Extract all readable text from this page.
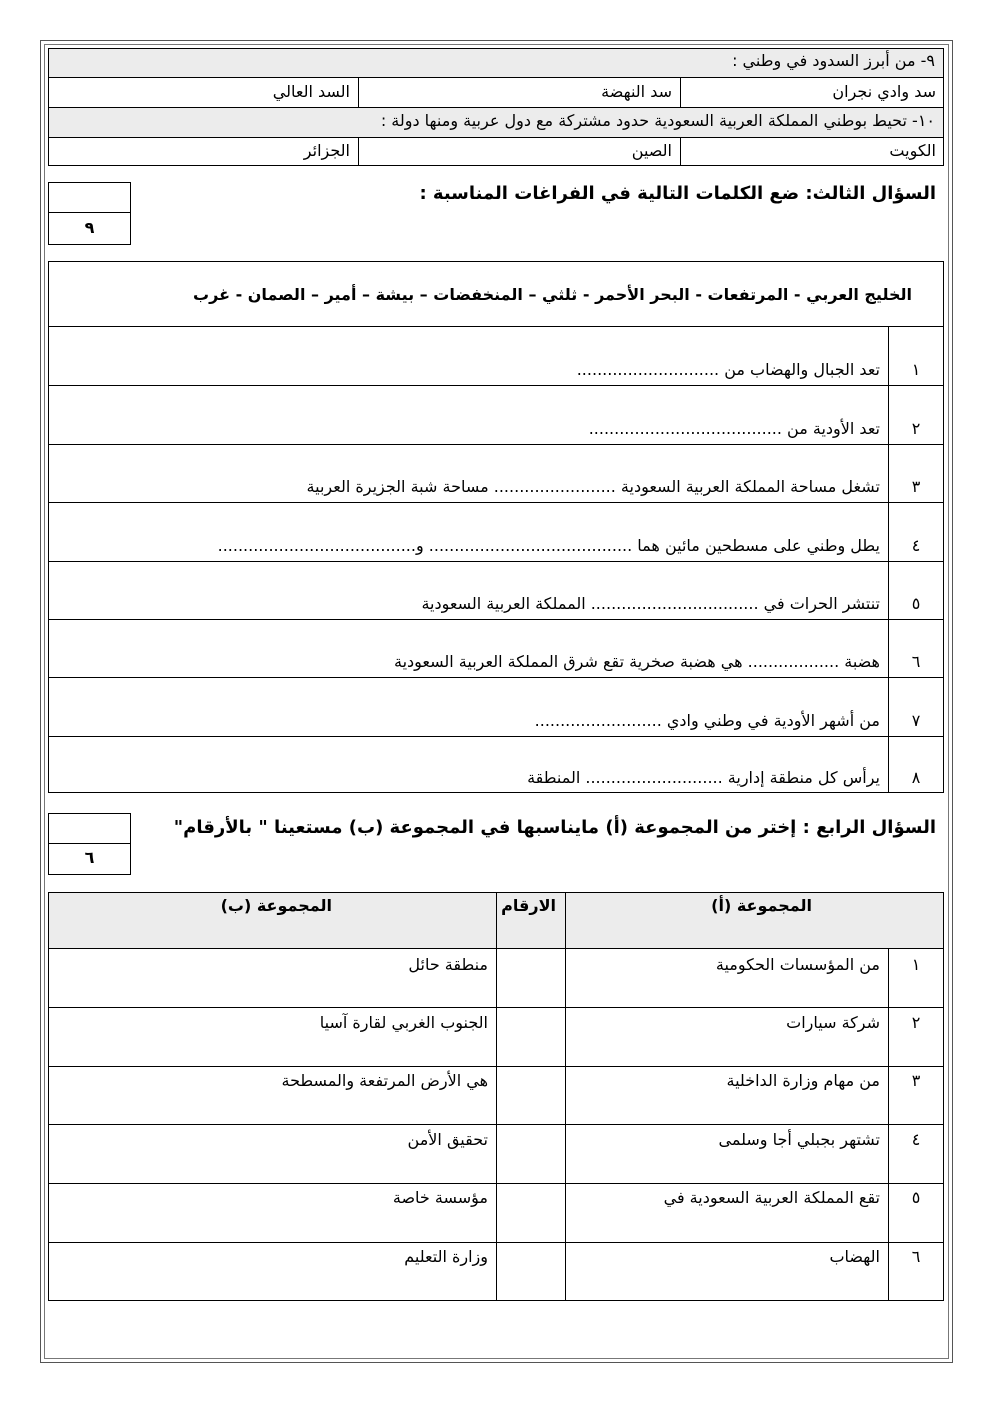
٩- من أبرز السدود في وطني :
سد وادي نجران
سد النهضة
السد العالي
١٠- تحيط بوطني المملكة العربية السعودية حدود مشتركة مع دول عربية ومنها دولة :
الكويت
الصين
الجزائر
السؤال الثالث: ضع الكلمات التالية في الفراغات المناسبة :
٩
الخليج العربي - المرتفعات - البحر الأحمر - ثلثي – المنخفضات – بيشة – أمير – الصمان - غرب
١
تعد الجبال والهضاب من ............................
٢
تعد الأودية من ......................................
٣
تشغل مساحة المملكة العربية السعودية ........................ مساحة شبة الجزيرة العربية
٤
يطل وطني على مسطحين مائين هما ........................................ و.......................................
٥
تنتشر الحرات في ................................. المملكة العربية السعودية
٦
هضبة .................. هي هضبة صخرية تقع شرق المملكة العربية السعودية
٧
من أشهر الأودية في وطني وادي .........................
٨
يرأس كل منطقة إدارية ........................... المنطقة
السؤال الرابع : إختر من المجموعة (أ) مايناسبها في المجموعة (ب) مستعينا " بالأرقام"
٦
المجموعة (أ)
الارقام
المجموعة (ب)
١
من المؤسسات الحكومية
منطقة حائل
٢
شركة سيارات
الجنوب الغربي لقارة آسيا
٣
من مهام وزارة الداخلية
هي الأرض المرتفعة والمسطحة
٤
تشتهر بجبلي أجا وسلمى
تحقيق الأمن
٥
تقع المملكة العربية السعودية في
مؤسسة خاصة
٦
الهضاب
وزارة التعليم
